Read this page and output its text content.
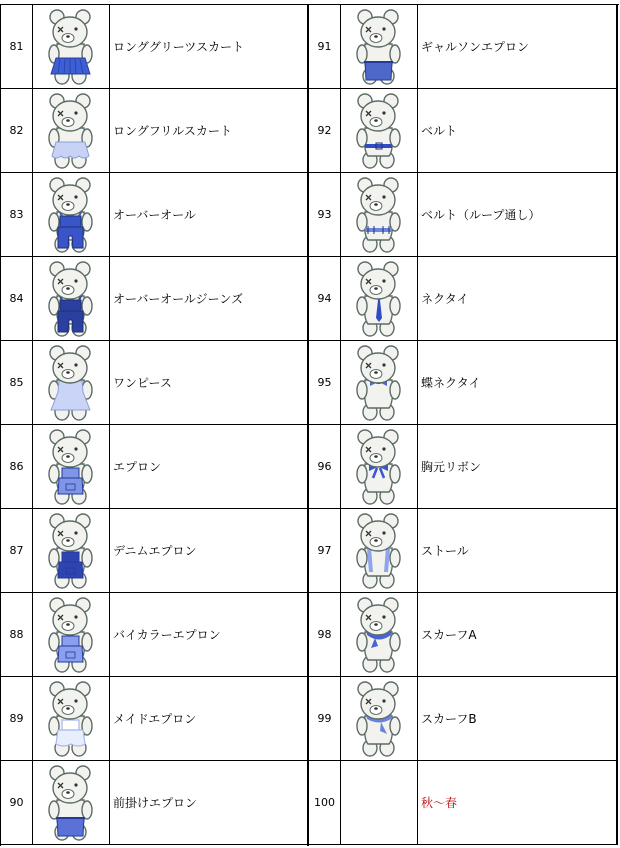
81	ロンググリーツスカート
82	ロングフリルスカート
83	オーバーオール
84	オーバーオールジーンズ
85	ワンピース
86	エプロン
87	デニムエプロン
88	バイカラーエプロン
89	メイドエプロン
90	前掛けエプロン
91	ギャルソンエプロン
92	ベルト
93	ベルト（ループ通し）
94	ネクタイ
95	蝶ネクタイ
96	胸元リボン
97	ストール
98	スカーフA
99	スカーフB
100	秋〜春
